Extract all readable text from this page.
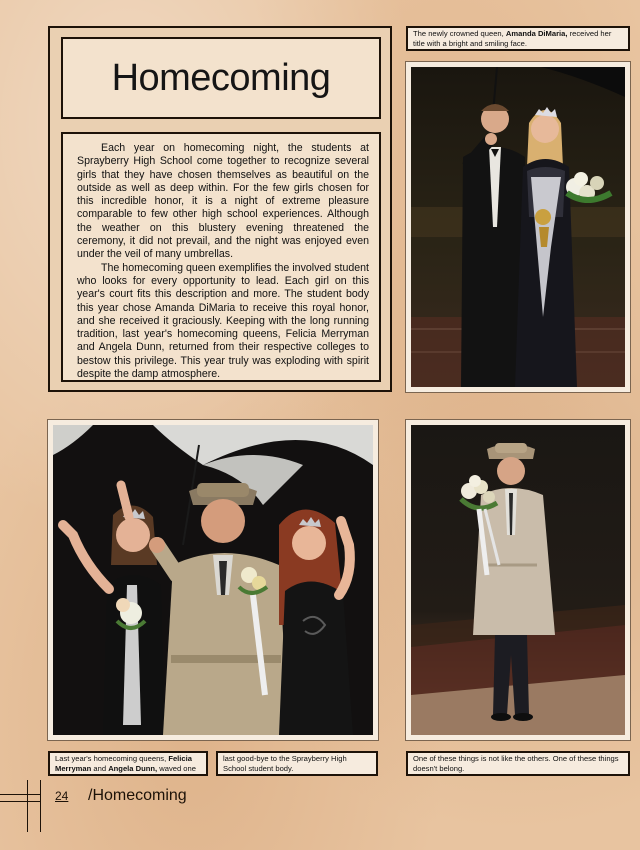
Homecoming

Each year on homecoming night, the students at Sprayberry High School come together to recognize several girls that they have chosen themselves as beautiful on the outside as well as deep within. For the few girls chosen for this incredible honor, it is a night of extreme pleasure comparable to few other high school experiences. Although the weather on this blustery evening threatened the ceremony, it did not prevail, and the night was enjoyed even under the veil of many umbrellas.

The homecoming queen exemplifies the involved student who looks for every opportunity to lead. Each girl on this year's court fits this description and more. The student body this year chose Amanda DiMaria to receive this royal honor, and she received it graciously. Keeping with the long running tradition, last year's homecoming queens, Felicia Merryman and Angela Dunn, returned from their respective colleges to bestow this privilege. This year truly was exploding with spirit despite the damp atmosphere.

The newly crowned queen, Amanda DiMaria, received her title with a bright and smiling face.
Last year's homecoming queens, Felicia Merryman and Angela Dunn, waved one
last good-bye to the Sprayberry High School student body.
One of these things is not like the others. One of these things doesn't belong.
24 /Homecoming
